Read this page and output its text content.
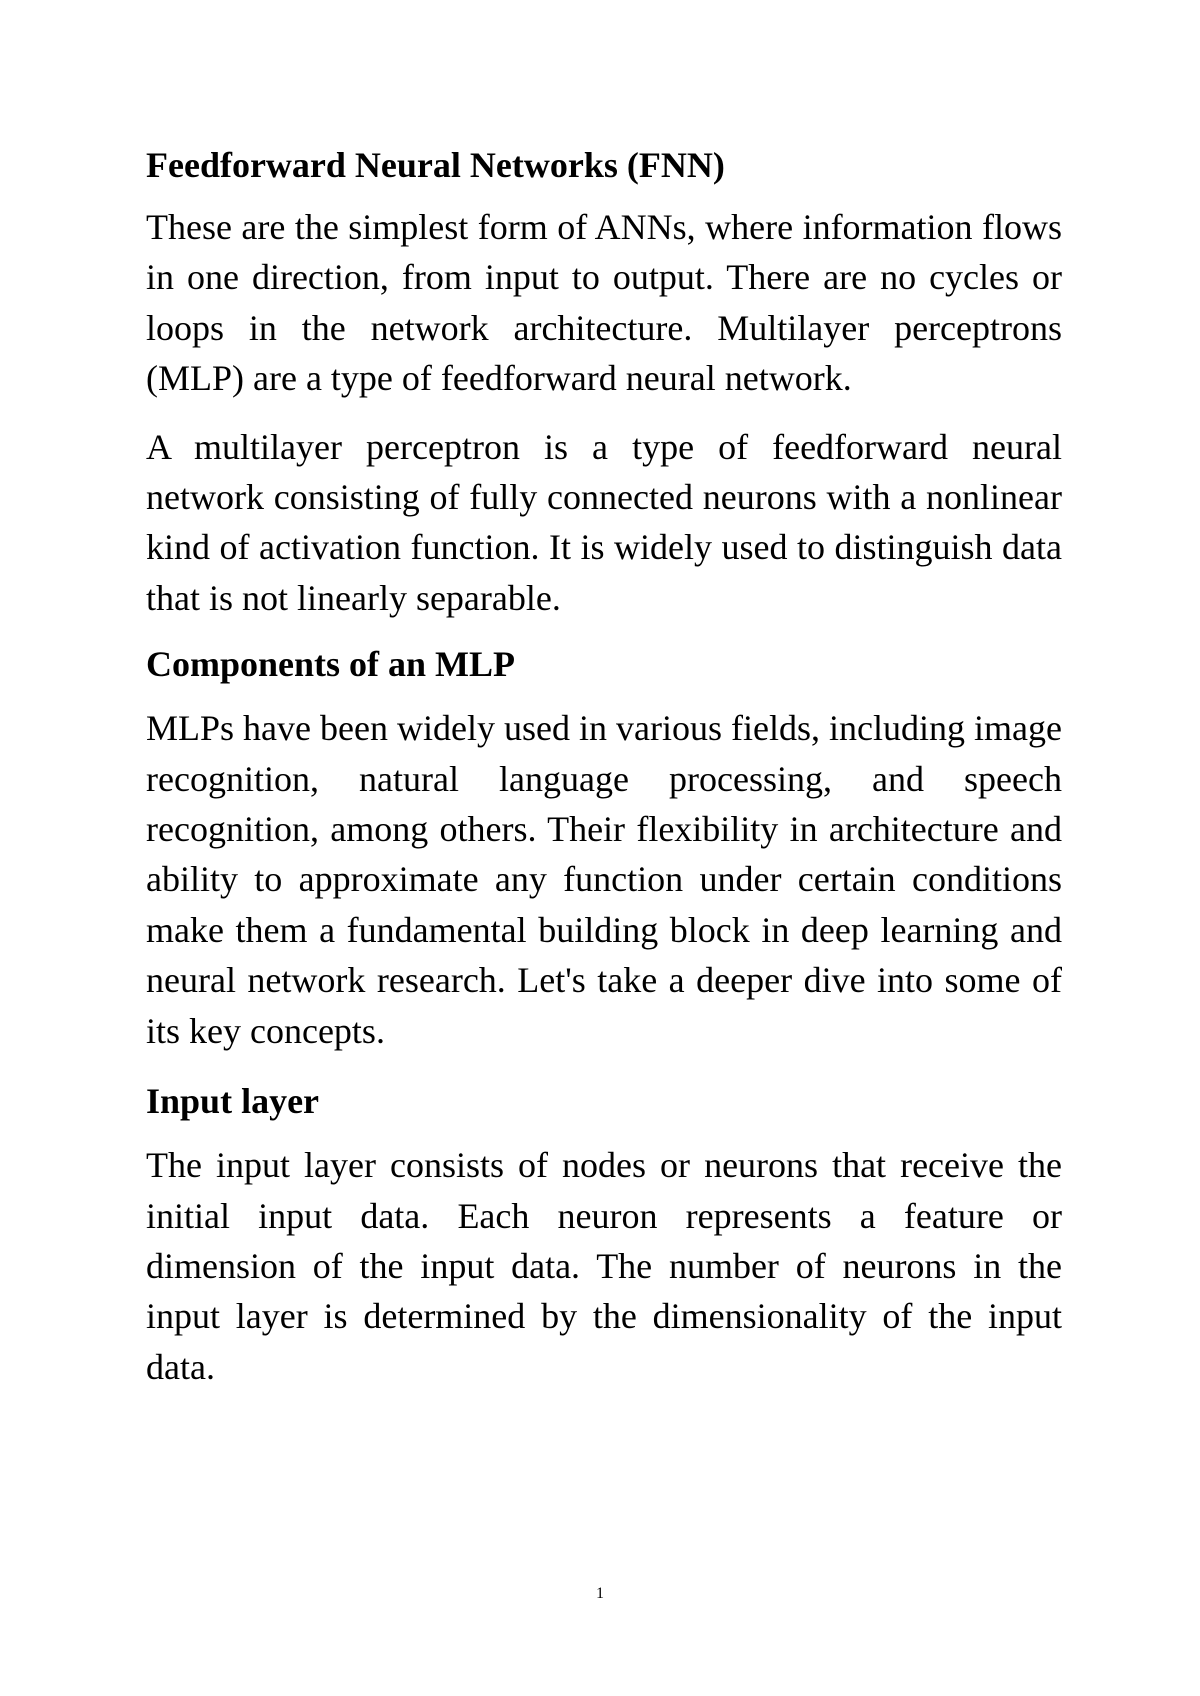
Feedforward Neural Networks (FNN)

These are the simplest form of ANNs, where information flows in one direction, from input to output. There are no cycles or loops in the network architecture. Multilayer perceptrons (MLP) are a type of feedforward neural network.

A multilayer perceptron is a type of feedforward neural network consisting of fully connected neurons with a nonlinear kind of activation function. It is widely used to distinguish data that is not linearly separable.

Components of an MLP

MLPs have been widely used in various fields, including image recognition, natural language processing, and speech recognition, among others. Their flexibility in architecture and ability to approximate any function under certain conditions make them a fundamental building block in deep learning and neural network research. Let's take a deeper dive into some of its key concepts.

Input layer

The input layer consists of nodes or neurons that receive the initial input data. Each neuron represents a feature or dimension of the input data. The number of neurons in the input layer is determined by the dimensionality of the input data.

1
